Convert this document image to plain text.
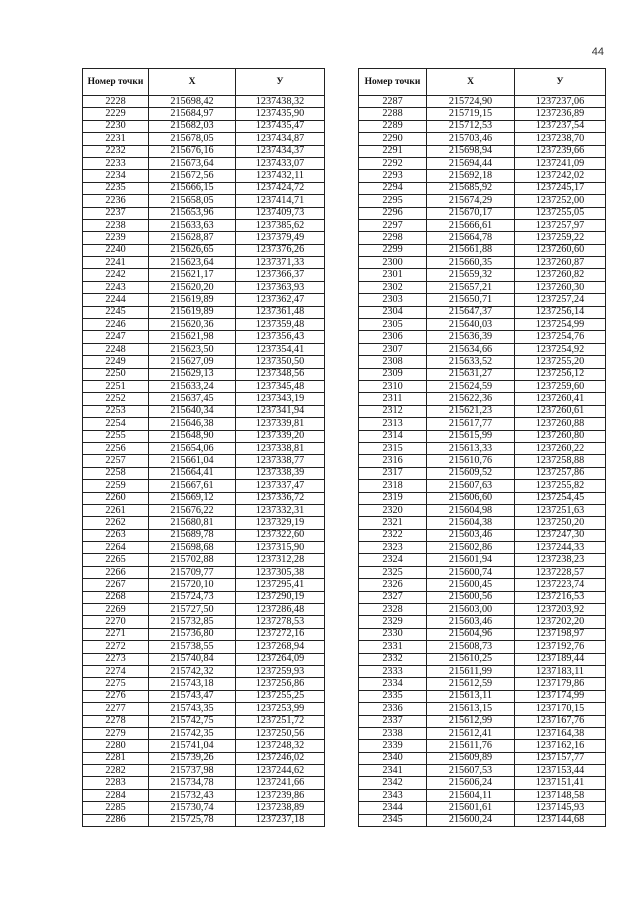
44
Номер точки	X	У
2228	215698,42	1237438,32
2229	215684,97	1237435,90
2230	215682,03	1237435,47
2231	215678,05	1237434,87
2232	215676,16	1237434,37
2233	215673,64	1237433,07
2234	215672,56	1237432,11
2235	215666,15	1237424,72
2236	215658,05	1237414,71
2237	215653,96	1237409,73
2238	215633,63	1237385,62
2239	215628,87	1237379,49
2240	215626,65	1237376,26
2241	215623,64	1237371,33
2242	215621,17	1237366,37
2243	215620,20	1237363,93
2244	215619,89	1237362,47
2245	215619,89	1237361,48
2246	215620,36	1237359,48
2247	215621,98	1237356,43
2248	215623,50	1237354,41
2249	215627,09	1237350,50
2250	215629,13	1237348,56
2251	215633,24	1237345,48
2252	215637,45	1237343,19
2253	215640,34	1237341,94
2254	215646,38	1237339,81
2255	215648,90	1237339,20
2256	215654,06	1237338,81
2257	215661,04	1237338,77
2258	215664,41	1237338,39
2259	215667,61	1237337,47
2260	215669,12	1237336,72
2261	215676,22	1237332,31
2262	215680,81	1237329,19
2263	215689,78	1237322,60
2264	215698,68	1237315,90
2265	215702,88	1237312,28
2266	215709,77	1237305,38
2267	215720,10	1237295,41
2268	215724,73	1237290,19
2269	215727,50	1237286,48
2270	215732,85	1237278,53
2271	215736,80	1237272,16
2272	215738,55	1237268,94
2273	215740,84	1237264,09
2274	215742,32	1237259,93
2275	215743,18	1237256,86
2276	215743,47	1237255,25
2277	215743,35	1237253,99
2278	215742,75	1237251,72
2279	215742,35	1237250,56
2280	215741,04	1237248,32
2281	215739,26	1237246,02
2282	215737,98	1237244,62
2283	215734,78	1237241,66
2284	215732,43	1237239,86
2285	215730,74	1237238,89
2286	215725,78	1237237,18
Номер точки	X	У
2287	215724,90	1237237,06
2288	215719,15	1237236,89
2289	215712,53	1237237,54
2290	215703,46	1237238,70
2291	215698,94	1237239,66
2292	215694,44	1237241,09
2293	215692,18	1237242,02
2294	215685,92	1237245,17
2295	215674,29	1237252,00
2296	215670,17	1237255,05
2297	215666,61	1237257,97
2298	215664,78	1237259,22
2299	215661,88	1237260,60
2300	215660,35	1237260,87
2301	215659,32	1237260,82
2302	215657,21	1237260,30
2303	215650,71	1237257,24
2304	215647,37	1237256,14
2305	215640,03	1237254,99
2306	215636,39	1237254,76
2307	215634,66	1237254,92
2308	215633,52	1237255,20
2309	215631,27	1237256,12
2310	215624,59	1237259,60
2311	215622,36	1237260,41
2312	215621,23	1237260,61
2313	215617,77	1237260,88
2314	215615,99	1237260,80
2315	215613,33	1237260,22
2316	215610,76	1237258,88
2317	215609,52	1237257,86
2318	215607,63	1237255,82
2319	215606,60	1237254,45
2320	215604,98	1237251,63
2321	215604,38	1237250,20
2322	215603,46	1237247,30
2323	215602,86	1237244,33
2324	215601,94	1237238,23
2325	215600,74	1237228,57
2326	215600,45	1237223,74
2327	215600,56	1237216,53
2328	215603,00	1237203,92
2329	215603,46	1237202,20
2330	215604,96	1237198,97
2331	215608,73	1237192,76
2332	215610,25	1237189,44
2333	215611,99	1237183,11
2334	215612,59	1237179,86
2335	215613,11	1237174,99
2336	215613,15	1237170,15
2337	215612,99	1237167,76
2338	215612,41	1237164,38
2339	215611,76	1237162,16
2340	215609,89	1237157,77
2341	215607,53	1237153,44
2342	215606,24	1237151,41
2343	215604,11	1237148,58
2344	215601,61	1237145,93
2345	215600,24	1237144,68
